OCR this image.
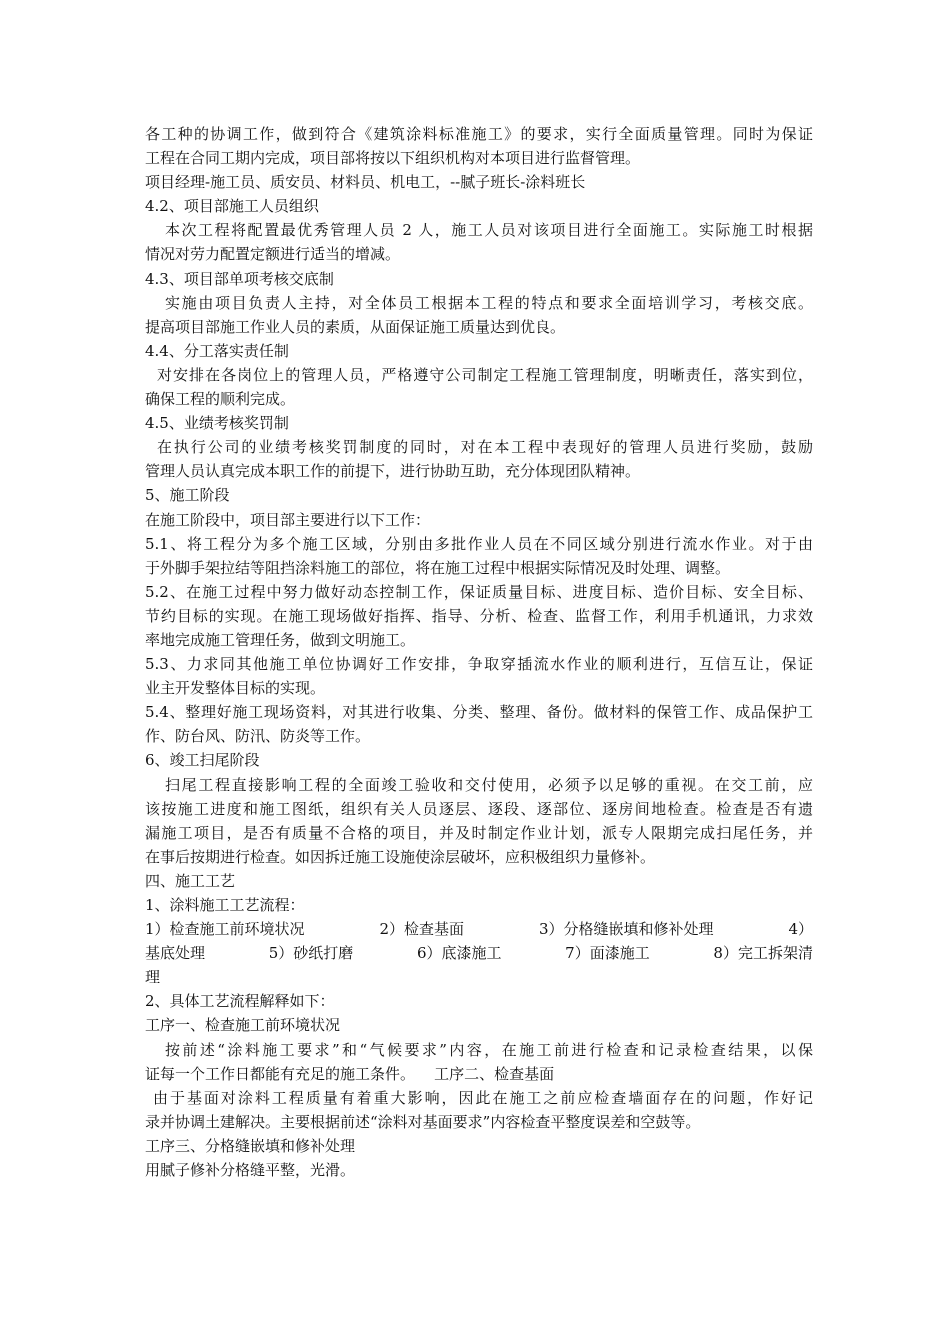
各工种的协调工作，做到符合《建筑涂料标准施工》的要求，实行全面质量管理。同时为保证
工程在合同工期内完成，项目部将按以下组织机构对本项目进行监督管理。
项目经理-施工员、质安员、材料员、机电工，--腻子班长-涂料班长
4.2、项目部施工人员组织
本次工程将配置最优秀管理人员 2 人，施工人员对该项目进行全面施工。实际施工时根据
情况对劳力配置定额进行适当的增减。
4.3、项目部单项考核交底制
实施由项目负责人主持，对全体员工根据本工程的特点和要求全面培训学习，考核交底。
提高项目部施工作业人员的素质，从面保证施工质量达到优良。
4.4、分工落实责任制
对安排在各岗位上的管理人员，严格遵守公司制定工程施工管理制度，明晰责任，落实到位，
确保工程的顺利完成。
4.5、业绩考核奖罚制
在执行公司的业绩考核奖罚制度的同时，对在本工程中表现好的管理人员进行奖励，鼓励
管理人员认真完成本职工作的前提下，进行协助互助，充分体现团队精神。
5、施工阶段
在施工阶段中，项目部主要进行以下工作：
5.1、将工程分为多个施工区域，分别由多批作业人员在不同区域分别进行流水作业。对于由
于外脚手架拉结等阻挡涂料施工的部位，将在施工过程中根据实际情况及时处理、调整。
5.2、在施工过程中努力做好动态控制工作，保证质量目标、进度目标、造价目标、安全目标、
节约目标的实现。在施工现场做好指挥、指导、分析、检查、监督工作，利用手机通讯，力求效
率地完成施工管理任务，做到文明施工。
5.3、力求同其他施工单位协调好工作安排，争取穿插流水作业的顺利进行，互信互让，保证
业主开发整体目标的实现。
5.4、整理好施工现场资料，对其进行收集、分类、整理、备份。做材料的保管工作、成品保护工
作、防台风、防汛、防炎等工作。
6、竣工扫尾阶段
扫尾工程直接影响工程的全面竣工验收和交付使用，必须予以足够的重视。在交工前，应
该按施工进度和施工图纸，组织有关人员逐层、逐段、逐部位、逐房间地检查。检查是否有遗
漏施工项目，是否有质量不合格的项目，并及时制定作业计划，派专人限期完成扫尾任务，并
在事后按期进行检查。如因拆迁施工设施使涂层破坏，应积极组织力量修补。
四、施工工艺
1、涂料施工工艺流程：
1）检查施工前环境状况	2）检查基面	3）分格缝嵌填和修补处理	4）
基底处理	5）砂纸打磨	6）底漆施工	7）面漆施工	8）完工拆架清
理
2、具体工艺流程解释如下：
工序一、检查施工前环境状况
按前述“涂料施工要求”和“气候要求”内容，在施工前进行检查和记录检查结果，以保
证每一个工作日都能有充足的施工条件。    工序二、检查基面
由于基面对涂料工程质量有着重大影响，因此在施工之前应检查墙面存在的问题，作好记
录并协调土建解决。主要根据前述“涂料对基面要求”内容检查平整度误差和空鼓等。
工序三、分格缝嵌填和修补处理
用腻子修补分格缝平整，光滑。
